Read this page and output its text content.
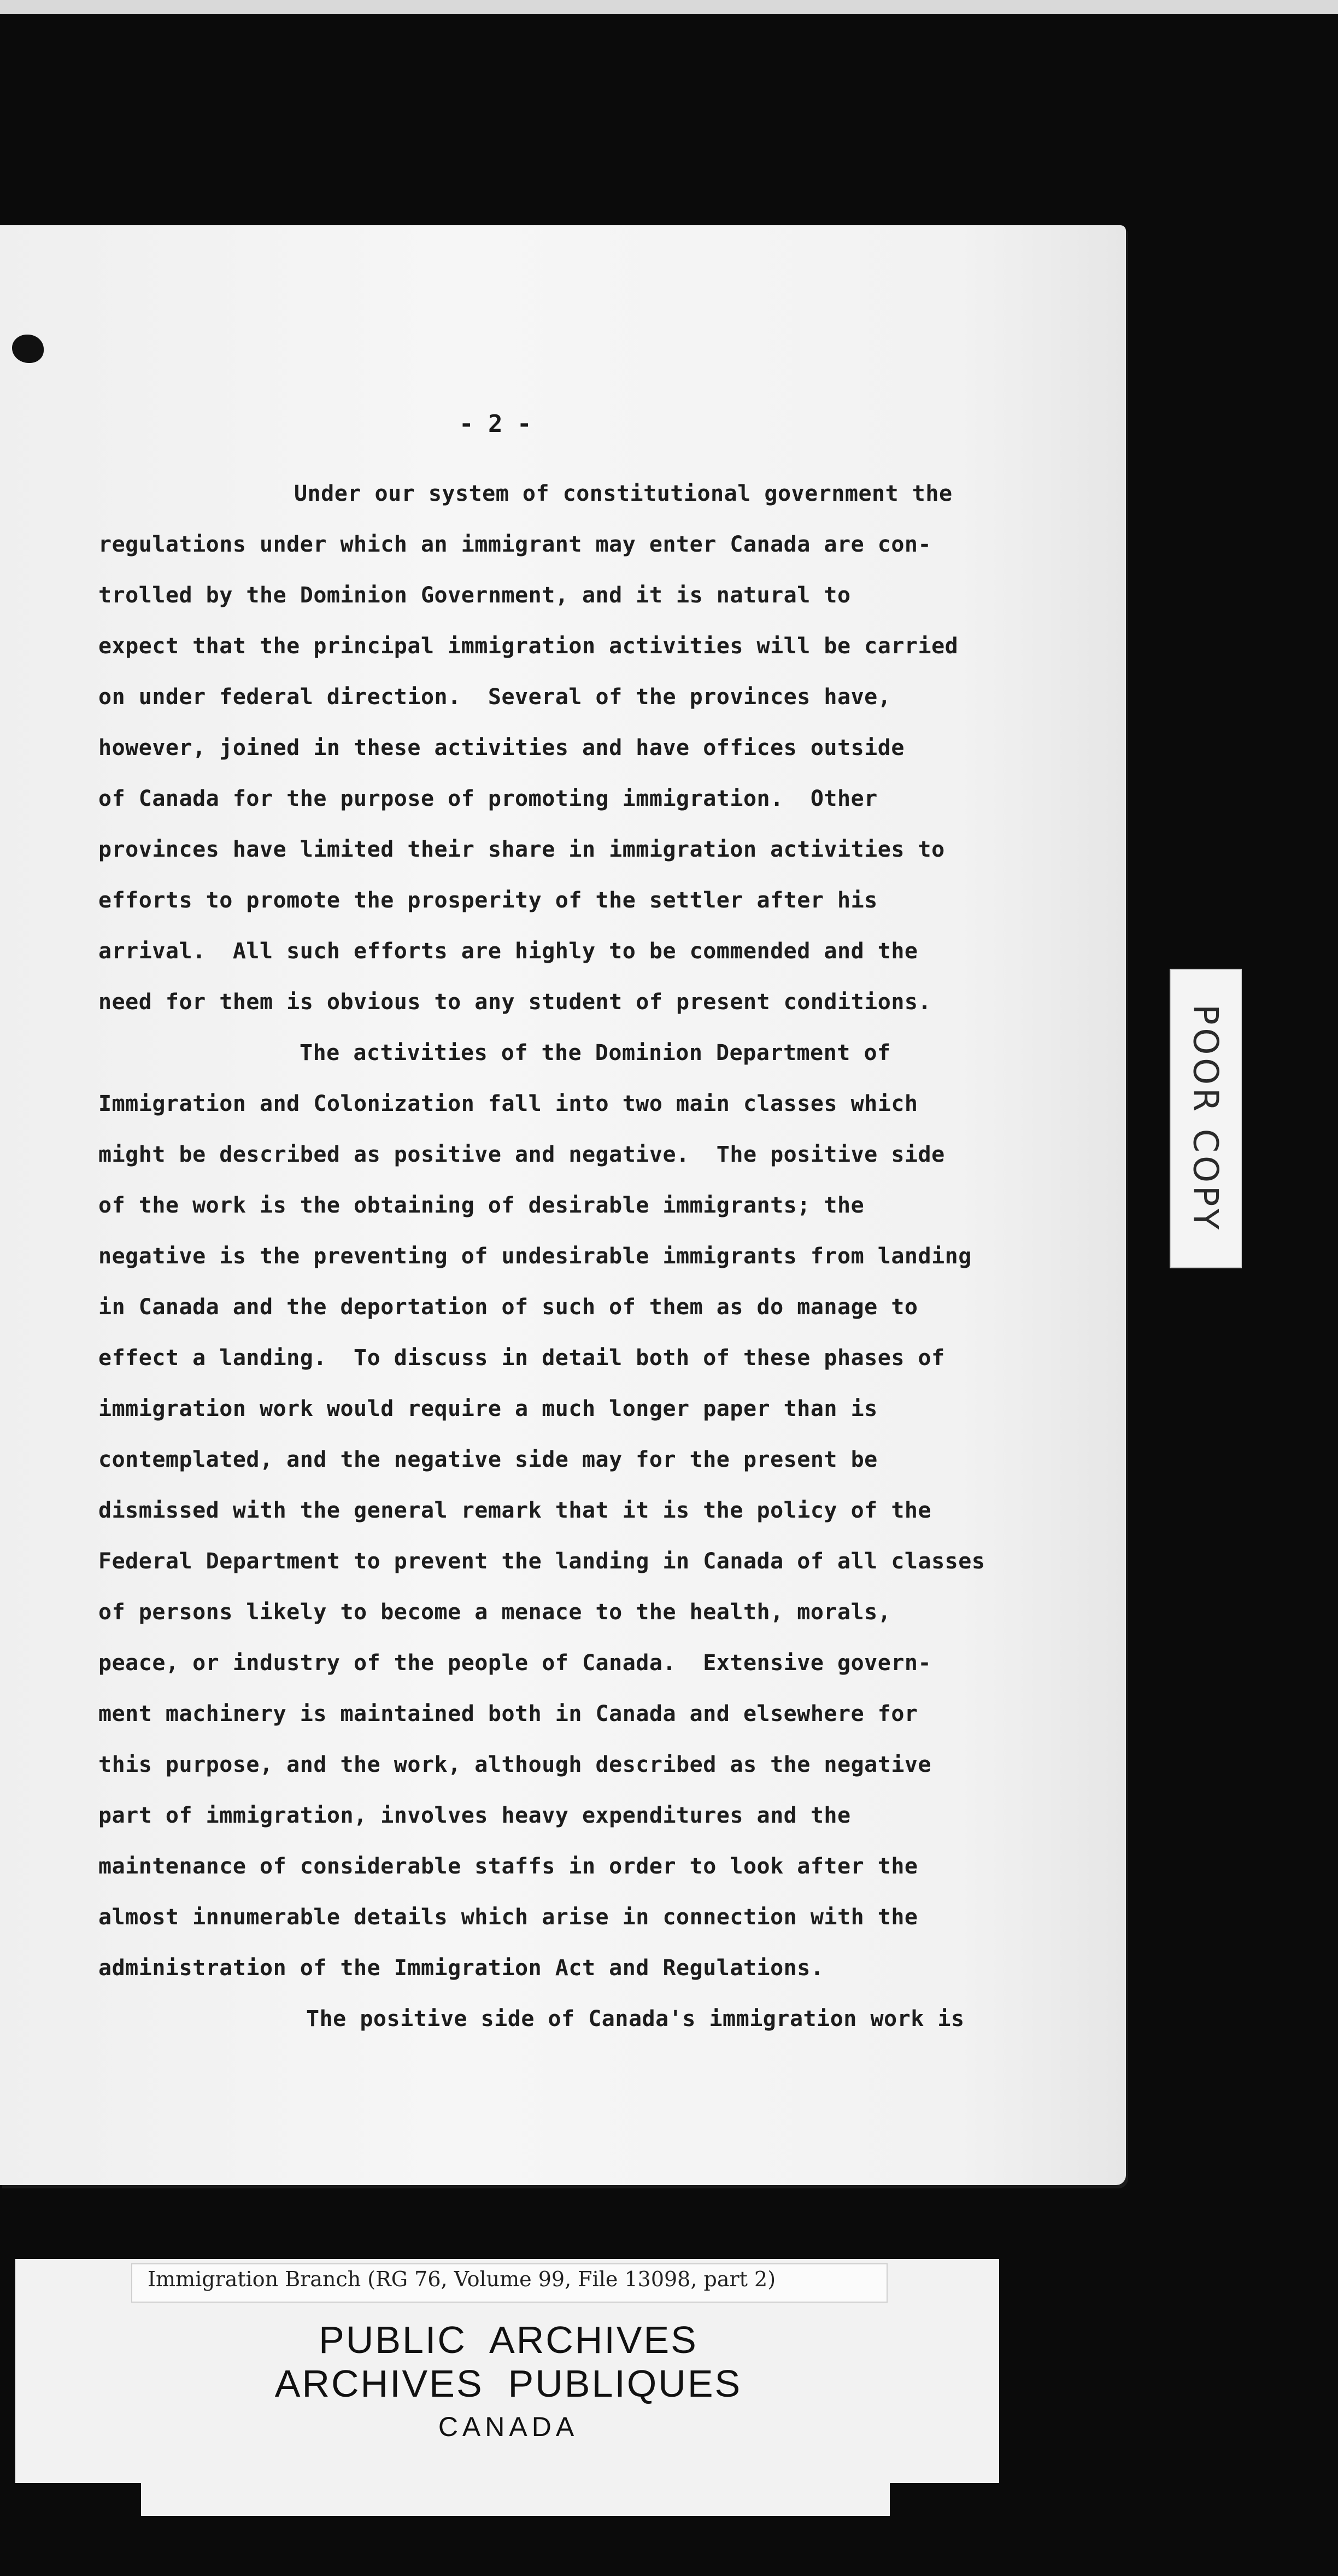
- 2 -
Under our system of constitutional government the
regulations under which an immigrant may enter Canada are con-
trolled by the Dominion Government, and it is natural to
expect that the principal immigration activities will be carried
on under federal direction.  Several of the provinces have,
however, joined in these activities and have offices outside
of Canada for the purpose of promoting immigration.  Other
provinces have limited their share in immigration activities to
efforts to promote the prosperity of the settler after his
arrival.  All such efforts are highly to be commended and the
need for them is obvious to any student of present conditions.
The activities of the Dominion Department of
Immigration and Colonization fall into two main classes which
might be described as positive and negative.  The positive side
of the work is the obtaining of desirable immigrants; the
negative is the preventing of undesirable immigrants from landing
in Canada and the deportation of such of them as do manage to
effect a landing.  To discuss in detail both of these phases of
immigration work would require a much longer paper than is
contemplated, and the negative side may for the present be
dismissed with the general remark that it is the policy of the
Federal Department to prevent the landing in Canada of all classes
of persons likely to become a menace to the health, morals,
peace, or industry of the people of Canada.  Extensive govern-
ment machinery is maintained both in Canada and elsewhere for
this purpose, and the work, although described as the negative
part of immigration, involves heavy expenditures and the
maintenance of considerable staffs in order to look after the
almost innumerable details which arise in connection with the
administration of the Immigration Act and Regulations.
The positive side of Canada's immigration work is
POOR COPY
Immigration Branch (RG 76, Volume 99, File 13098, part 2)
PUBLIC  ARCHIVES
ARCHIVES  PUBLIQUES
CANADA
